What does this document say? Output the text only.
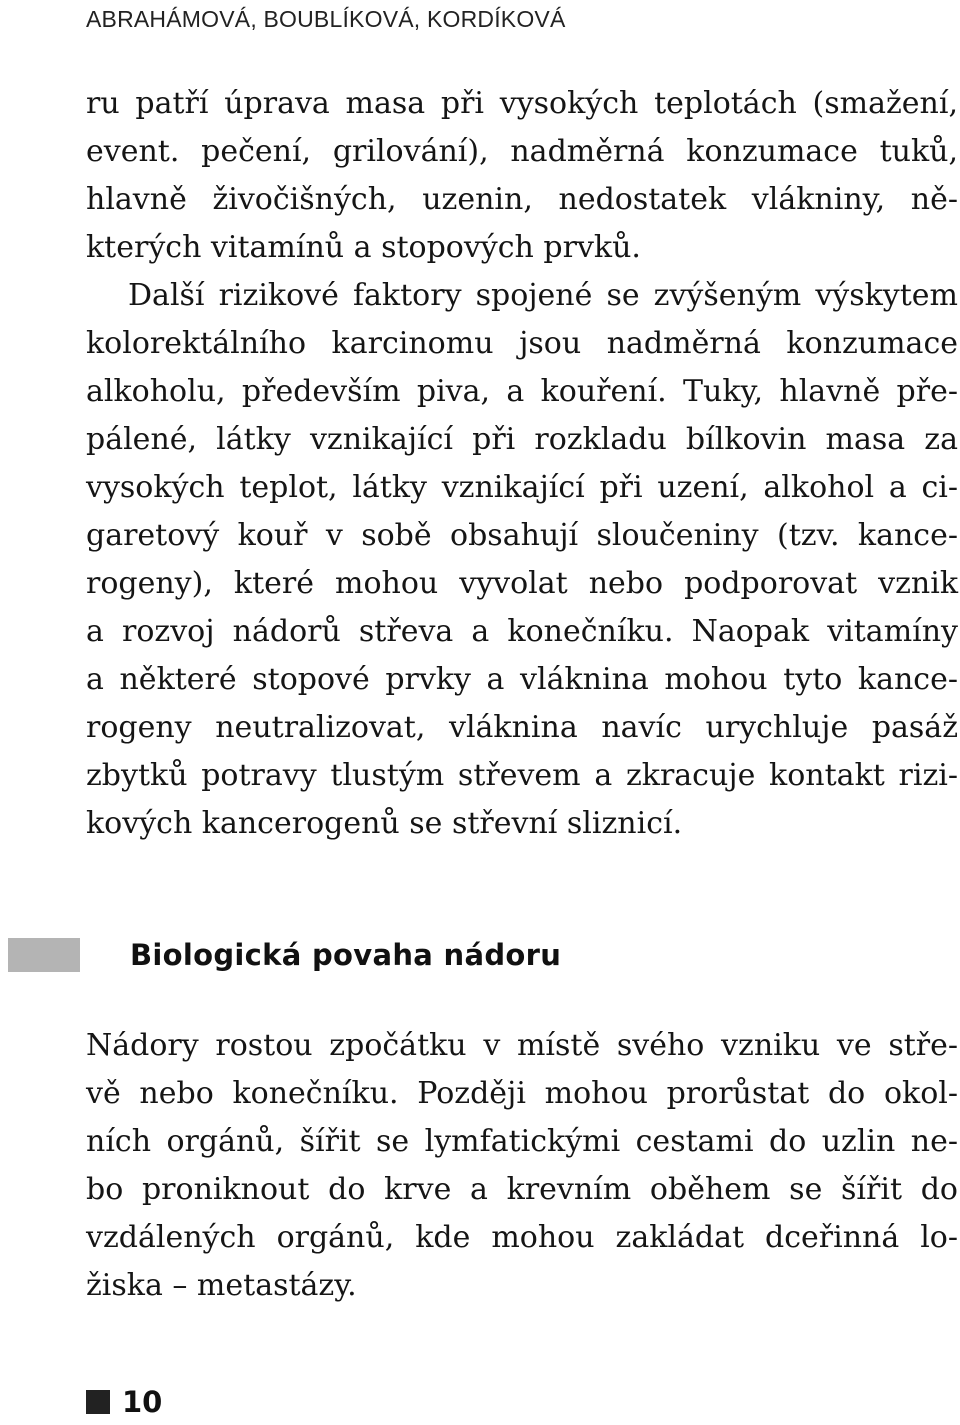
ABRAHÁMOVÁ, BOUBLÍKOVÁ, KORDÍKOVÁ
ru patří úprava masa při vysokých teplotách (smažení,
event. pečení, grilování), nadměrná konzumace tuků,
hlavně živočišných, uzenin, nedostatek vlákniny, ně-
kterých vitamínů a stopových prvků.
Další rizikové faktory spojené se zvýšeným výskytem
kolorektálního karcinomu jsou nadměrná konzumace
alkoholu, především piva, a kouření. Tuky, hlavně pře-
pálené, látky vznikající při rozkladu bílkovin masa za
vysokých teplot, látky vznikající při uzení, alkohol a ci-
garetový kouř v sobě obsahují sloučeniny (tzv. kance-
rogeny), které mohou vyvolat nebo podporovat vznik
a rozvoj nádorů střeva a konečníku. Naopak vitamíny
a některé stopové prvky a vláknina mohou tyto kance-
rogeny neutralizovat, vláknina navíc urychluje pasáž
zbytků potravy tlustým střevem a zkracuje kontakt rizi-
kových kancerogenů se střevní sliznicí.
Biologická povaha nádoru
Nádory rostou zpočátku v místě svého vzniku ve stře-
vě nebo konečníku. Později mohou prorůstat do okol-
ních orgánů, šířit se lymfatickými cestami do uzlin ne-
bo proniknout do krve a krevním oběhem se šířit do
vzdálených orgánů, kde mohou zakládat dceřinná lo-
žiska – metastázy.
10
